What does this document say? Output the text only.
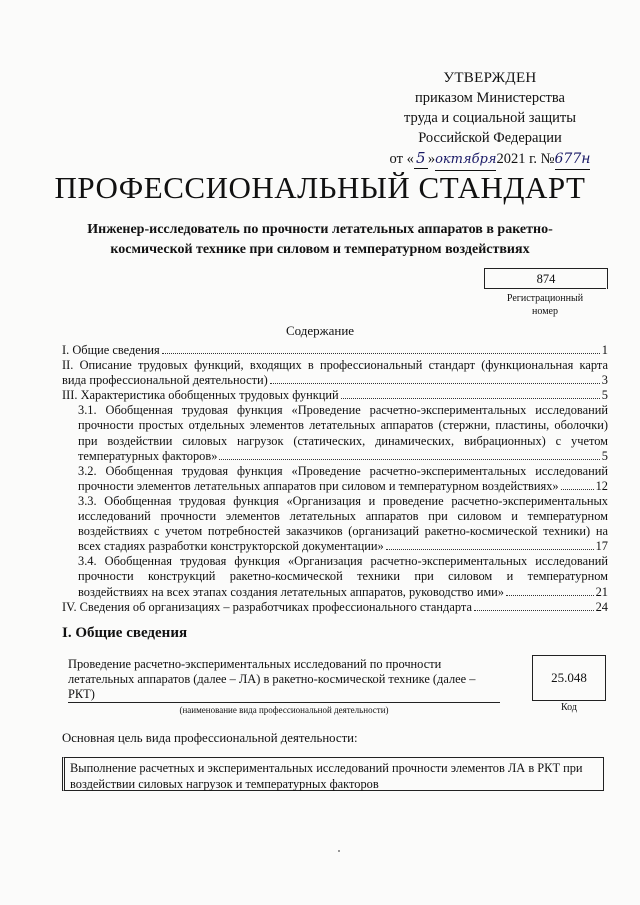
УТВЕРЖДЕН
приказом Министерства
труда и социальной защиты
Российской Федерации
от « 5 »октября2021 г. №677н
ПРОФЕССИОНАЛЬНЫЙ СТАНДАРТ
Инженер-исследователь по прочности летательных аппаратов в ракетно-
космической технике при силовом и температурном воздействиях
874
Регистрационный
номер
Содержание
I. Общие сведения	1
II. Описание трудовых функций, входящих в профессиональный стандарт (функциональная карта
вида профессиональной деятельности)	3
III. Характеристика обобщенных трудовых функций	5
3.1. Обобщенная трудовая функция «Проведение расчетно-экспериментальных исследований
прочности простых отдельных элементов летательных аппаратов (стержни, пластины, оболочки)
при воздействии силовых нагрузок (статических, динамических, вибрационных) с учетом
температурных факторов»	5
3.2. Обобщенная трудовая функция «Проведение расчетно-экспериментальных исследований
прочности элементов летательных аппаратов при силовом и температурном воздействиях»	12
3.3. Обобщенная трудовая функция «Организация и проведение расчетно-экспериментальных
исследований прочности элементов летательных аппаратов при силовом и температурном
воздействиях с учетом потребностей заказчиков (организаций ракетно-космической техники) на
всех стадиях разработки конструкторской документации»	17
3.4. Обобщенная трудовая функция «Организация расчетно-экспериментальных исследований
прочности конструкций ракетно-космической техники при силовом и температурном
воздействиях на всех этапах создания летательных аппаратов, руководство ими»	21
IV. Сведения об организациях – разработчиках профессионального стандарта	24
I. Общие сведения
Проведение расчетно-экспериментальных исследований по прочности
летательных аппаратов (далее – ЛА) в ракетно-космической технике (далее –
РКТ)
(наименование вида профессиональной деятельности)
25.048
Код
Основная цель вида профессиональной деятельности:
Выполнение расчетных и экспериментальных исследований прочности элементов ЛА в РКТ при
воздействии силовых нагрузок и температурных факторов
